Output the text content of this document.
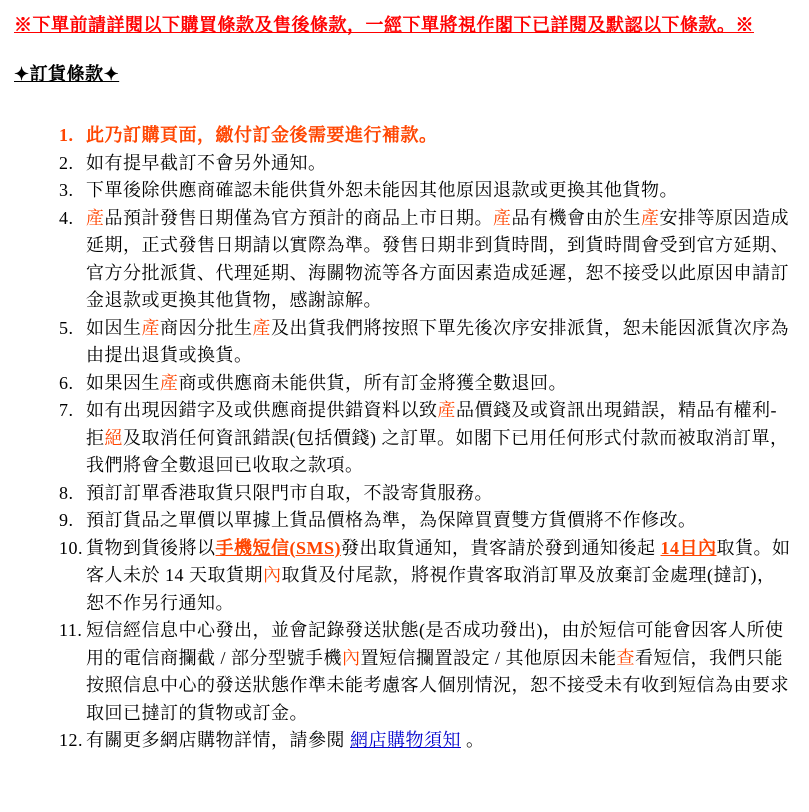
※下單前請詳閱以下購買條款及售後條款，一經下單將視作閣下已詳閱及默認以下條款。※
✦訂貨條款✦
1. 此乃訂購頁面，繳付訂金後需要進行補款。
2. 如有提早截訂不會另外通知。
3. 下單後除供應商確認未能供貨外恕未能因其他原因退款或更換其他貨物。
4. 產品預計發售日期僅為官方預計的商品上市日期。產品有機會由於生產安排等原因造成延期，正式發售日期請以實際為準。發售日期非到貨時間，到貨時間會受到官方延期、官方分批派貨、代理延期、海關物流等各方面因素造成延遲，恕不接受以此原因申請訂金退款或更換其他貨物，感謝諒解。
5. 如因生產商因分批生產及出貨我們將按照下單先後次序安排派貨，恕未能因派貨次序為由提出退貨或換貨。
6. 如果因生產商或供應商未能供貨，所有訂金將獲全數退回。
7. 如有出現因錯字及或供應商提供錯資料以致產品價錢及或資訊出現錯誤，精品有權利-拒絕及取消任何資訊錯誤(包括價錢) 之訂單。如閣下已用任何形式付款而被取消訂單，我們將會全數退回已收取之款項。
8. 預訂訂單香港取貨只限門市自取，不設寄貨服務。
9. 預訂貨品之單價以單據上貨品價格為準，為保障買賣雙方貨價將不作修改。
10. 貨物到貨後將以手機短信(SMS)發出取貨通知，貴客請於發到通知後起 14日內取貨。如客人未於 14 天取貨期內取貨及付尾款，將視作貴客取消訂單及放棄訂金處理(撻訂)，恕不作另行通知。
11. 短信經信息中心發出，並會記錄發送狀態(是否成功發出)，由於短信可能會因客人所使用的電信商攔截 / 部分型號手機內置短信攔置設定 / 其他原因未能查看短信，我們只能按照信息中心的發送狀態作準未能考慮客人個別情況，恕不接受未有收到短信為由要求取回已撻訂的貨物或訂金。
12. 有關更多網店購物詳情，請參閱 網店購物須知 。
